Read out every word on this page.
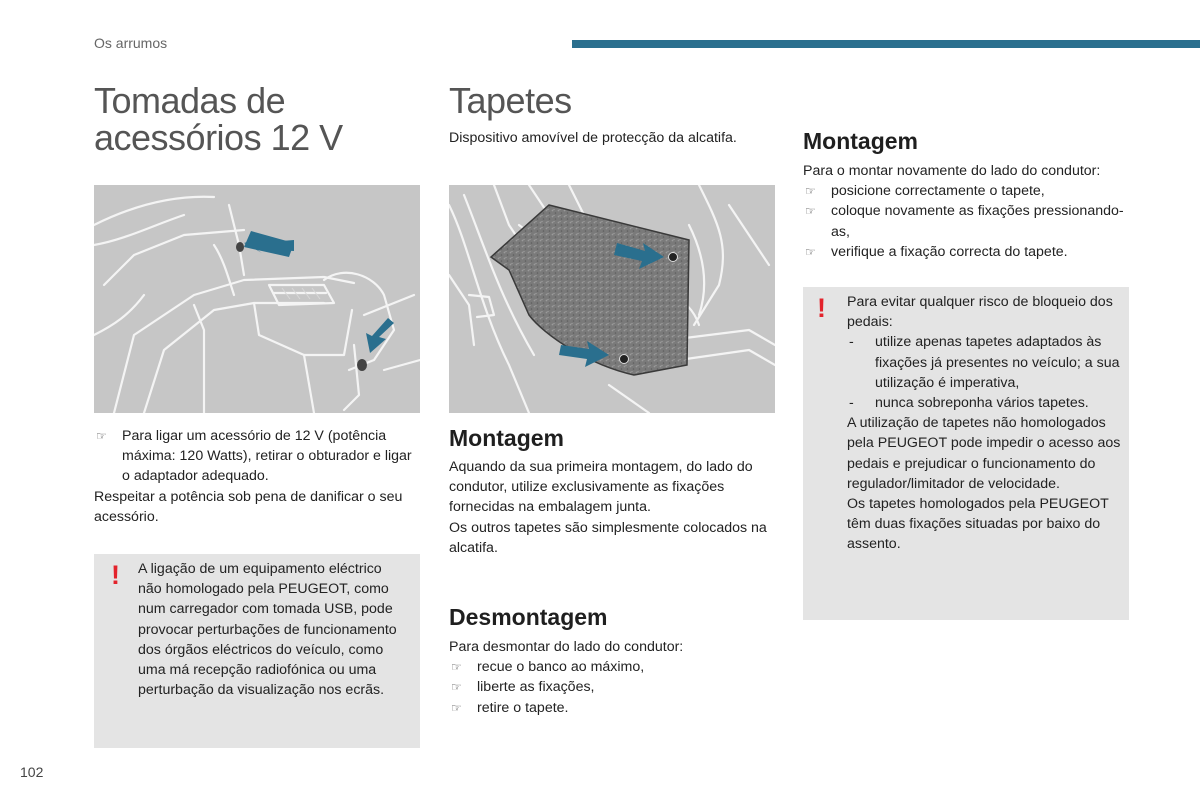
Os arrumos
Tomadas de
acessórios 12 V
☞ Para ligar um acessório de 12 V (potência máxima: 120 Watts), retirar o obturador e ligar o adaptador adequado.

Respeitar a potência sob pena de danificar o seu acessório.

! A ligação de um equipamento eléctrico não homologado pela PEUGEOT, como num carregador com tomada USB, pode provocar perturbações de funcionamento dos órgãos eléctricos do veículo, como uma má recepção radiofónica ou uma perturbação da visualização nos ecrãs.

Tapetes

Dispositivo amovível de protecção da alcatifa.

Montagem

Aquando da sua primeira montagem, do lado do condutor, utilize exclusivamente as fixações fornecidas na embalagem junta.

Os outros tapetes são simplesmente colocados na alcatifa.

Desmontagem

Para desmontar do lado do condutor:

☞ recue o banco ao máximo,
☞ liberte as fixações,
☞ retire o tapete.
Montagem

Para o montar novamente do lado do condutor:

☞ posicione correctamente o tapete,
☞ coloque novamente as fixações pressionando-as,
☞ verifique a fixação correcta do tapete.
! Para evitar qualquer risco de bloqueio dos pedais:

- utilize apenas tapetes adaptados às fixações já presentes no veículo; a sua utilização é imperativa,
- nunca sobreponha vários tapetes.

A utilização de tapetes não homologados pela PEUGEOT pode impedir o acesso aos pedais e prejudicar o funcionamento do regulador/limitador de velocidade.

Os tapetes homologados pela PEUGEOT têm duas fixações situadas por baixo do assento.

102
